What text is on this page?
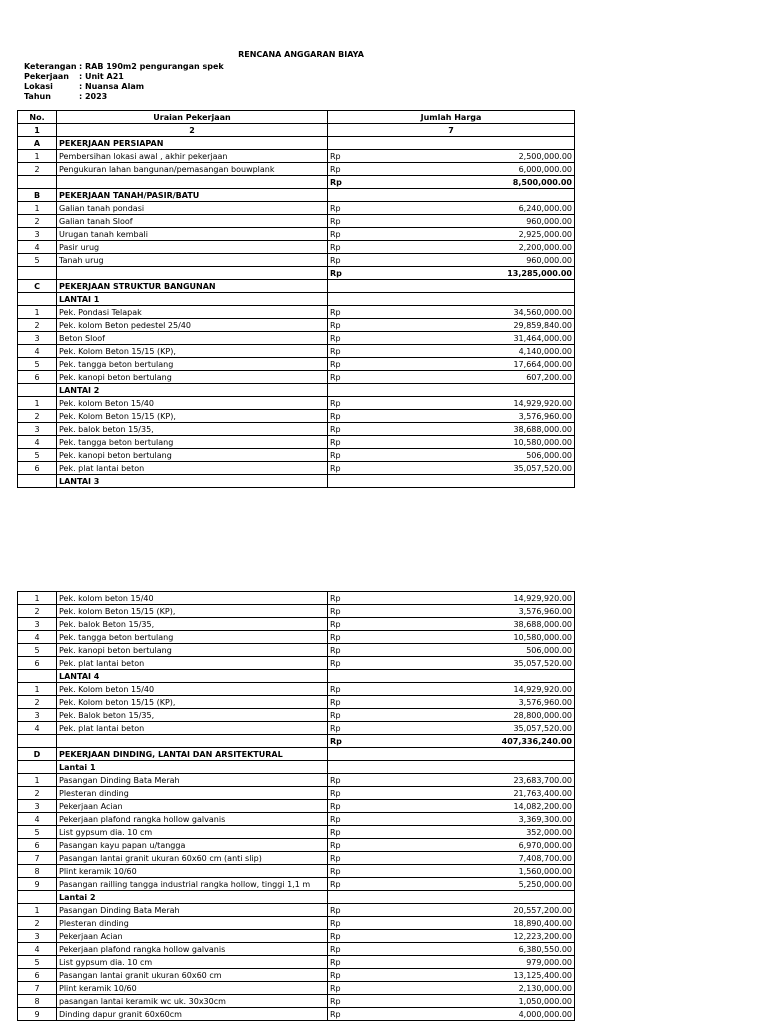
RENCANA ANGGARAN BIAYA
Keterangan : RAB 190m2 pengurangan spek
Pekerjaan	: Unit A21
Lokasi	: Nuansa Alam
Tahun	: 2023
No.	Uraian Pekerjaan	Jumlah Harga	
1	2	7	
A	PEKERJAAN PERSIAPAN		
1	Pembersihan lokasi awal , akhir pekerjaan	Rp	2,500,000.00
2	Pengukuran lahan bangunan/pemasangan bouwplank	Rp	6,000,000.00
		Rp	8,500,000.00
B	PEKERJAAN TANAH/PASIR/BATU		
1	Galian tanah pondasi	Rp	6,240,000.00
2	Galian tanah Sloof	Rp	960,000.00
3	Urugan tanah kembali	Rp	2,925,000.00
4	Pasir urug	Rp	2,200,000.00
5	Tanah urug	Rp	960,000.00
		Rp	13,285,000.00
C	PEKERJAAN STRUKTUR BANGUNAN		
	LANTAI 1		
1	Pek. Pondasi Telapak	Rp	34,560,000.00
2	Pek. kolom Beton pedestel 25/40	Rp	29,859,840.00
3	Beton Sloof	Rp	31,464,000.00
4	Pek. Kolom Beton 15/15 (KP),	Rp	4,140,000.00
5	Pek. tangga beton bertulang	Rp	17,664,000.00
6	Pek. kanopi beton bertulang	Rp	607,200.00
	LANTAI 2		
1	Pek. kolom Beton 15/40	Rp	14,929,920.00
2	Pek. Kolom Beton 15/15 (KP),	Rp	3,576,960.00
3	Pek. balok beton 15/35,	Rp	38,688,000.00
4	Pek. tangga beton bertulang	Rp	10,580,000.00
5	Pek. kanopi beton bertulang	Rp	506,000.00
6	Pek. plat lantai beton	Rp	35,057,520.00
	LANTAI 3		
1	Pek. kolom beton 15/40	Rp	14,929,920.00
2	Pek. kolom Beton 15/15 (KP),	Rp	3,576,960.00
3	Pek. balok Beton 15/35,	Rp	38,688,000.00
4	Pek. tangga beton bertulang	Rp	10,580,000.00
5	Pek. kanopi beton bertulang	Rp	506,000.00
6	Pek. plat lantai beton	Rp	35,057,520.00
	LANTAI 4		
1	Pek. Kolom beton 15/40	Rp	14,929,920.00
2	Pek. Kolom beton 15/15 (KP),	Rp	3,576,960.00
3	Pek. Balok beton 15/35,	Rp	28,800,000.00
4	Pek. plat lantai beton	Rp	35,057,520.00
		Rp	407,336,240.00
D	PEKERJAAN DINDING, LANTAI DAN ARSITEKTURAL		
	Lantai 1		
1	Pasangan Dinding Bata Merah	Rp	23,683,700.00
2	Plesteran dinding	Rp	21,763,400.00
3	Pekerjaan Acian	Rp	14,082,200.00
4	Pekerjaan plafond rangka hollow galvanis	Rp	3,369,300.00
5	List gypsum dia. 10 cm	Rp	352,000.00
6	Pasangan kayu papan u/tangga	Rp	6,970,000.00
7	Pasangan lantai granit ukuran 60x60 cm (anti slip)	Rp	7,408,700.00
8	Plint keramik 10/60	Rp	1,560,000.00
9	Pasangan railling tangga industrial rangka hollow, tinggi 1,1 m	Rp	5,250,000.00
	Lantai 2		
1	Pasangan Dinding Bata Merah	Rp	20,557,200.00
2	Plesteran dinding	Rp	18,890,400.00
3	Pekerjaan Acian	Rp	12,223,200.00
4	Pekerjaan plafond rangka hollow galvanis	Rp	6,380,550.00
5	List gypsum dia. 10 cm	Rp	979,000.00
6	Pasangan lantai granit ukuran 60x60 cm	Rp	13,125,400.00
7	Plint keramik 10/60	Rp	2,130,000.00
8	pasangan lantai keramik wc uk. 30x30cm	Rp	1,050,000.00
9	Dinding dapur granit 60x60cm	Rp	4,000,000.00
